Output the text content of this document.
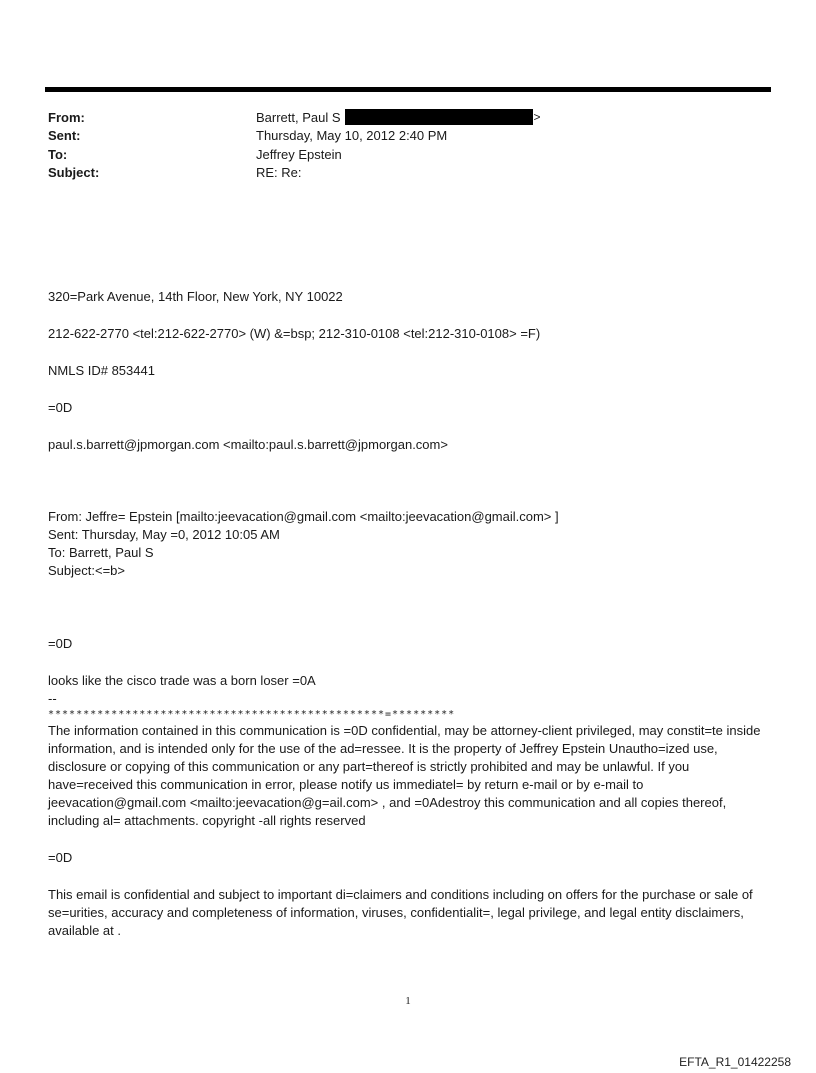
From:	Barrett, Paul S	>
Sent:	Thursday, May 10, 2012 2:40 PM
To:	Jeffrey Epstein
Subject:	RE: Re:

320=Park Avenue, 14th Floor, New York, NY 10022

212-622-2770 <tel:212-622-2770> (W) &=bsp; 212-310-0108 <tel:212-310-0108> =F)

NMLS ID# 853441

=0D

paul.s.barrett@jpmorgan.com <mailto:paul.s.barrett@jpmorgan.com>

From: Jeffre= Epstein [mailto:jeevacation@gmail.com <mailto:jeevacation@gmail.com> ]

Sent: Thursday, May =0, 2012 10:05 AM

To: Barrett, Paul S

Subject:<=b>

=0D

looks like the cisco trade was a born loser =0A

--

************************************************=*********

The information contained in this communication is =0D confidential, may be attorney-client privileged, may constit=te inside information, and is intended only for the use of the ad=ressee. It is the property of Jeffrey Epstein Unautho=ized use, disclosure or copying of this communication or any part=thereof is strictly prohibited and may be unlawful. If you have=received this communication in error, please notify us immediatel= by return e-mail or by e-mail to jeevacation@gmail.com <mailto:jeevacation@g=ail.com> , and =0Adestroy this communication and all copies thereof, including al= attachments. copyright -all rights reserved

=0D

This email is confidential and subject to important di=claimers and conditions including on offers for the purchase or sale of se=urities, accuracy and completeness of information, viruses, confidentialit=, legal privilege, and legal entity disclaimers, available at .

1
EFTA_R1_01422258
